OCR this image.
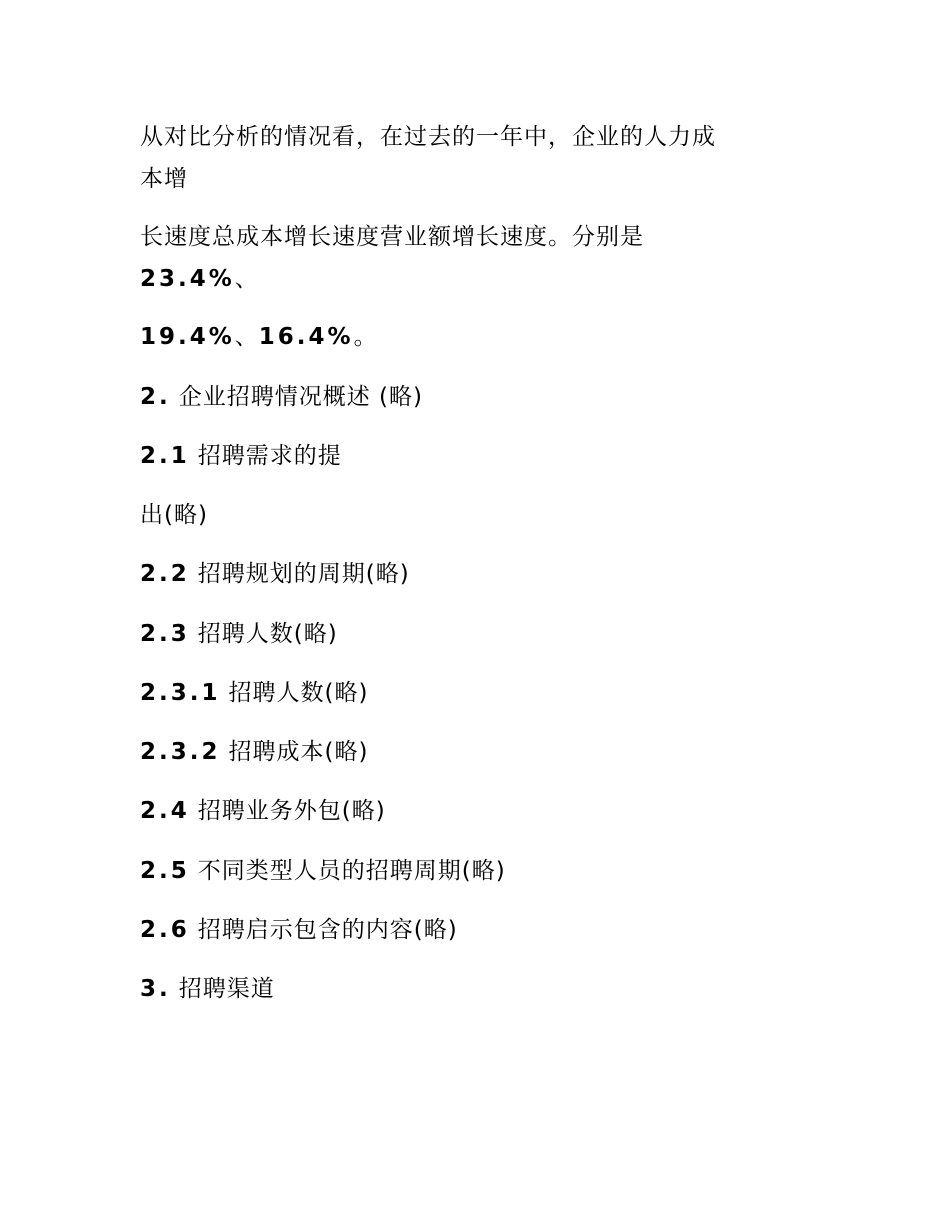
从对比分析的情况看，在过去的一年中，企业的人力成

本增

长速度总成本增长速度营业额增长速度。分别是

23.4%、

19.4%、16.4%。

2. 企业招聘情况概述 (略)

2.1 招聘需求的提

出(略)

2.2 招聘规划的周期(略)

2.3 招聘人数(略)

2.3.1 招聘人数(略)

2.3.2 招聘成本(略)

2.4 招聘业务外包(略)

2.5 不同类型人员的招聘周期(略)

2.6 招聘启示包含的内容(略)

3. 招聘渠道
